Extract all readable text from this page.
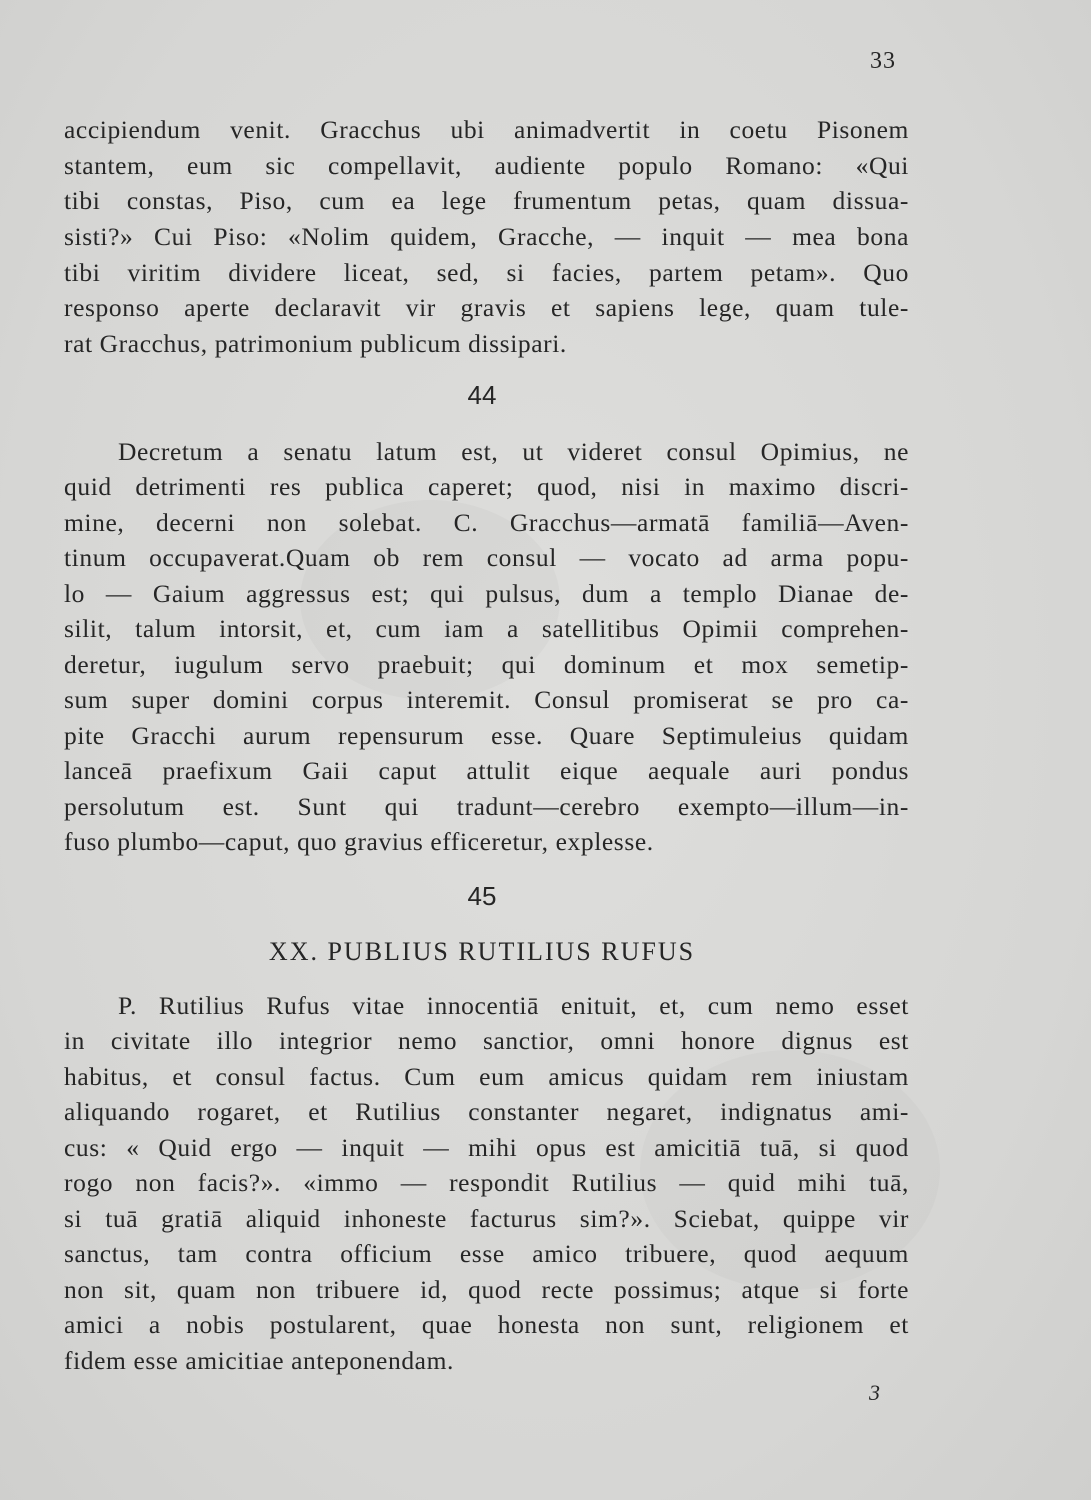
33
accipiendum venit. Gracchus ubi animadvertit in coetu Pisonem
stantem, eum sic compellavit, audiente populo Romano: «Qui
tibi constas, Piso, cum ea lege frumentum petas, quam dissua-
sisti?» Cui Piso: «Nolim quidem, Gracche, — inquit — mea bona
tibi viritim dividere liceat, sed, si facies, partem petam». Quo
responso aperte declaravit vir gravis et sapiens lege, quam tule-
rat Gracchus, patrimonium publicum dissipari.
44
Decretum a senatu latum est, ut videret consul Opimius, ne
quid detrimenti res publica caperet; quod, nisi in maximo discri-
mine, decerni non solebat. C. Gracchus—armatā familiā—Aven-
tinum occupaverat.Quam ob rem consul — vocato ad arma popu-
lo — Gaium aggressus est; qui pulsus, dum a templo Dianae de-
silit, talum intorsit, et, cum iam a satellitibus Opimii comprehen-
deretur, iugulum servo praebuit; qui dominum et mox semetip-
sum super domini corpus interemit. Consul promiserat se pro ca-
pite Gracchi aurum repensurum esse. Quare Septimuleius quidam
lanceā praefixum Gaii caput attulit eique aequale auri pondus
persolutum est. Sunt qui tradunt—cerebro exempto—illum—in-
fuso plumbo—caput, quo gravius efficeretur, explesse.
45
XX. PUBLIUS RUTILIUS RUFUS
P. Rutilius Rufus vitae innocentiā enituit, et, cum nemo esset
in civitate illo integrior nemo sanctior, omni honore dignus est
habitus, et consul factus. Cum eum amicus quidam rem iniustam
aliquando rogaret, et Rutilius constanter negaret, indignatus ami-
cus: « Quid ergo — inquit — mihi opus est amicitiā tuā, si quod
rogo non facis?». «immo — respondit Rutilius — quid mihi tuā,
si tuā gratiā aliquid inhoneste facturus sim?». Sciebat, quippe vir
sanctus, tam contra officium esse amico tribuere, quod aequum
non sit, quam non tribuere id, quod recte possimus; atque si forte
amici a nobis postularent, quae honesta non sunt, religionem et
fidem esse amicitiae anteponendam.
3
